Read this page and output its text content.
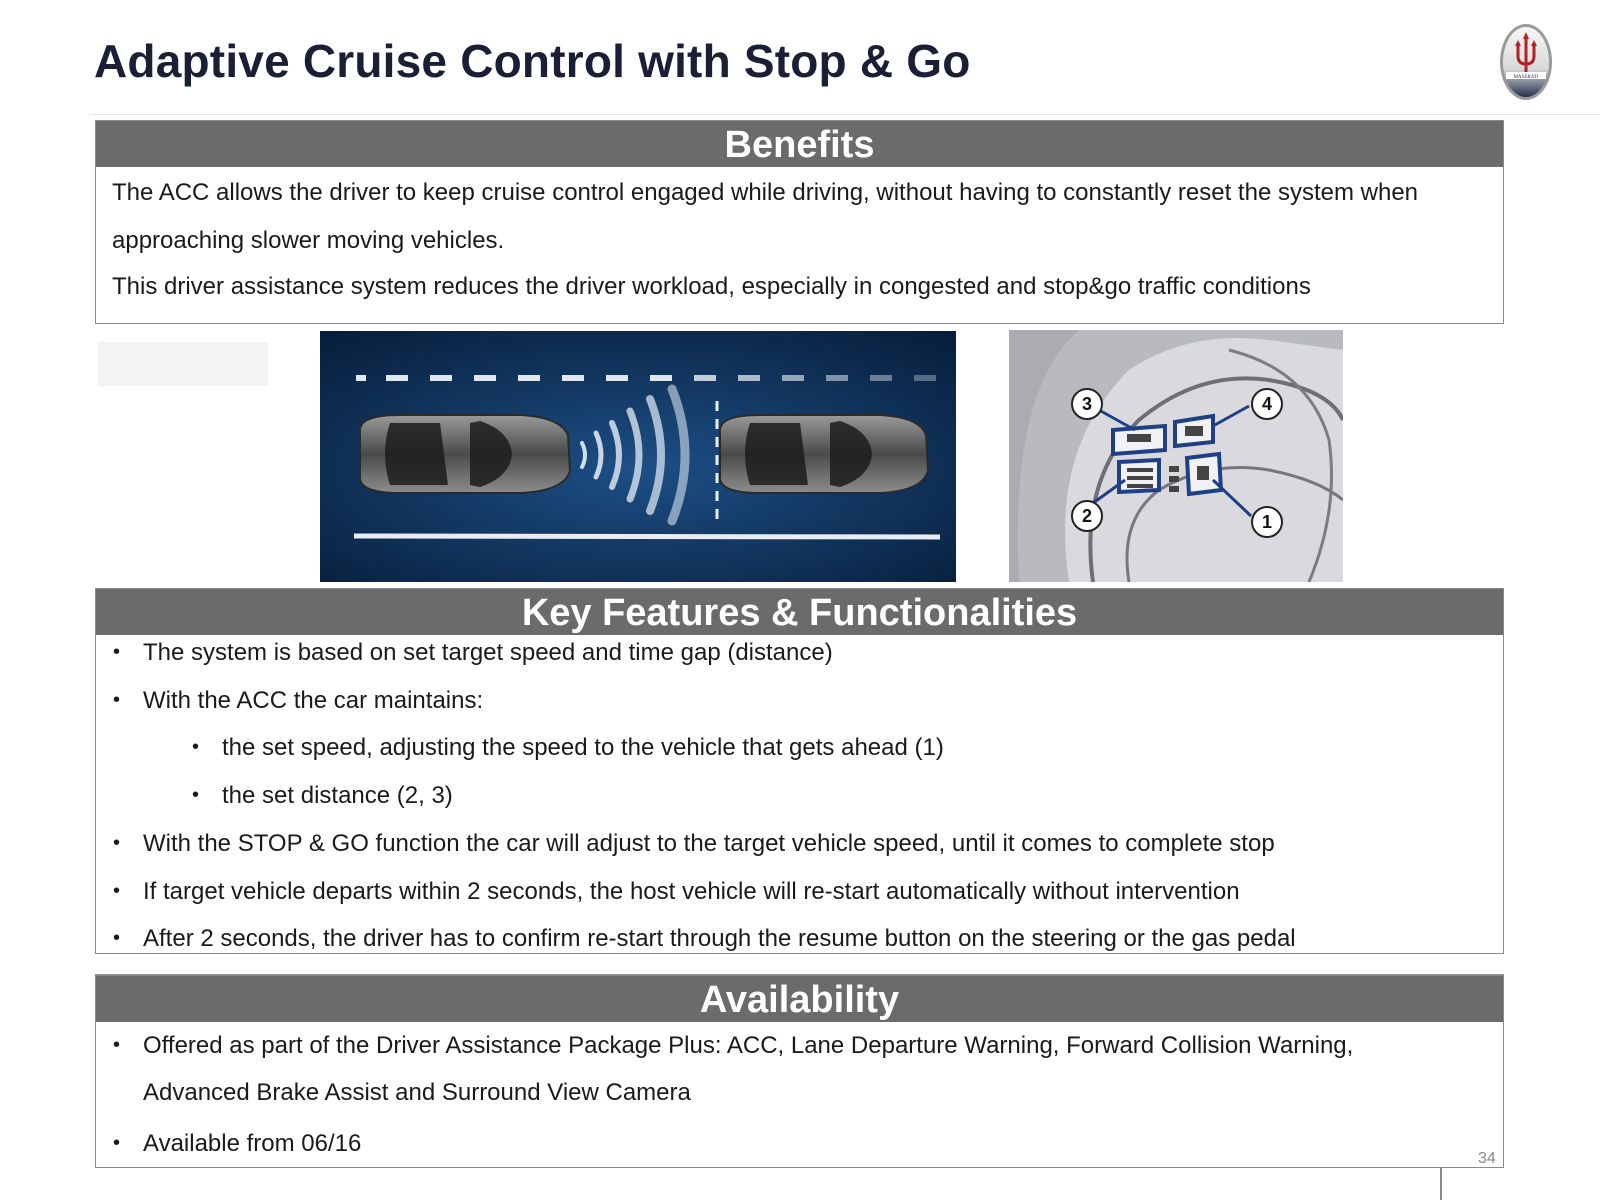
Adaptive Cruise Control with Stop & Go	MASERATI
Benefits

The ACC allows the driver to keep cruise control engaged while driving, without having to constantly reset the system when approaching slower moving vehicles.

This driver assistance system reduces the driver workload, especially in congested and stop&go traffic conditions

3	4
2	1
Key Features & Functionalities
• The system is based on set target speed and time gap (distance)
• With the ACC the car maintains:
• the set speed, adjusting the speed to the vehicle that gets ahead (1)
• the set distance (2, 3)
• With the STOP & GO function the car will adjust to the target vehicle speed, until it comes to complete stop
• If target vehicle departs within 2 seconds, the host vehicle will re-start automatically without intervention
• After 2 seconds, the driver has to confirm re-start through the resume button on the steering or the gas pedal
Availability
• Offered as part of the Driver Assistance Package Plus: ACC, Lane Departure Warning, Forward Collision Warning, Advanced Brake Assist and Surround View Camera
• Available from 06/16
34
